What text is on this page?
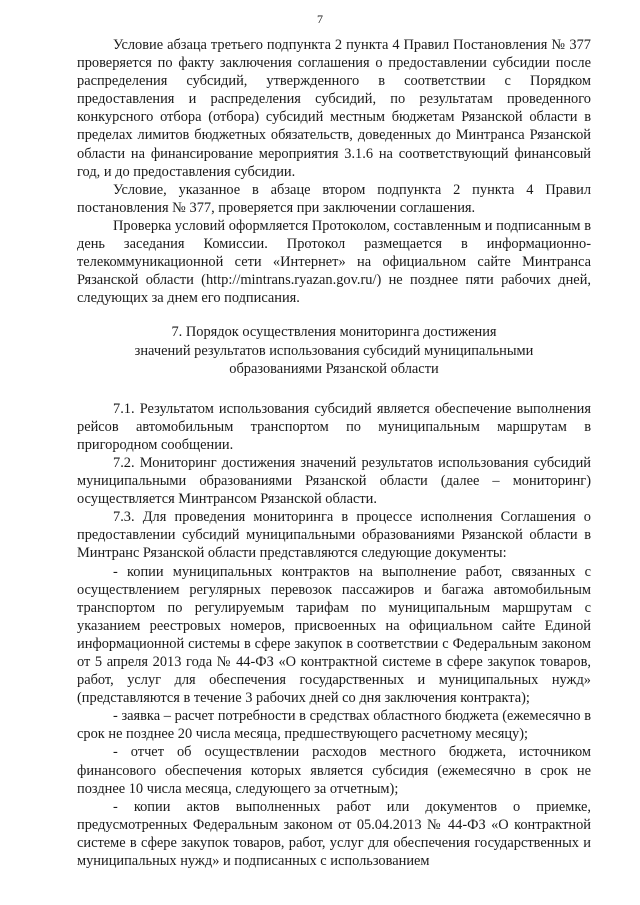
7

Условие абзаца третьего подпункта 2 пункта 4 Правил Постановления № 377 проверяется по факту заключения соглашения о предоставлении субсидии после распределения субсидий, утвержденного в соответствии с Порядком предоставления и распределения субсидий, по результатам проведенного конкурсного отбора (отбора) субсидий местным бюджетам Рязанской области в пределах лимитов бюджетных обязательств, доведенных до Минтранса Рязанской области на финансирование мероприятия 3.1.6 на соответствующий финансовый год, и до предоставления субсидии.

Условие, указанное в абзаце втором подпункта 2 пункта 4 Правил постановления № 377, проверяется при заключении соглашения.

Проверка условий оформляется Протоколом, составленным и подписанным в день заседания Комиссии. Протокол размещается в информационно-телекоммуникационной сети «Интернет» на официальном сайте Минтранса Рязанской области (http://mintrans.ryazan.gov.ru/) не позднее пяти рабочих дней, следующих за днем его подписания.

7. Порядок осуществления мониторинга достижения
значений результатов использования субсидий муниципальными
образованиями Рязанской области

7.1. Результатом использования субсидий является обеспечение выполнения рейсов автомобильным транспортом по муниципальным маршрутам в пригородном сообщении.

7.2. Мониторинг достижения значений результатов использования субсидий муниципальными образованиями Рязанской области (далее – мониторинг) осуществляется Минтрансом Рязанской области.

7.3. Для проведения мониторинга в процессе исполнения Соглашения о предоставлении субсидий муниципальными образованиями Рязанской области в Минтранс Рязанской области представляются следующие документы:

- копии муниципальных контрактов на выполнение работ, связанных с осуществлением регулярных перевозок пассажиров и багажа автомобильным транспортом по регулируемым тарифам по муниципальным маршрутам с указанием реестровых номеров, присвоенных на официальном сайте Единой информационной системы в сфере закупок в соответствии с Федеральным законом от 5 апреля 2013 года № 44-ФЗ «О контрактной системе в сфере закупок товаров, работ, услуг для обеспечения государственных и муниципальных нужд» (представляются в течение 3 рабочих дней со дня заключения контракта);

- заявка – расчет потребности в средствах областного бюджета (ежемесячно в срок не позднее 20 числа месяца, предшествующего расчетному месяцу);

- отчет об осуществлении расходов местного бюджета, источником финансового обеспечения которых является субсидия (ежемесячно в срок не позднее 10 числа месяца, следующего за отчетным);

- копии актов выполненных работ или документов о приемке, предусмотренных Федеральным законом от 05.04.2013 № 44-ФЗ «О контрактной системе в сфере закупок товаров, работ, услуг для обеспечения государственных и муниципальных нужд» и подписанных с использованием
